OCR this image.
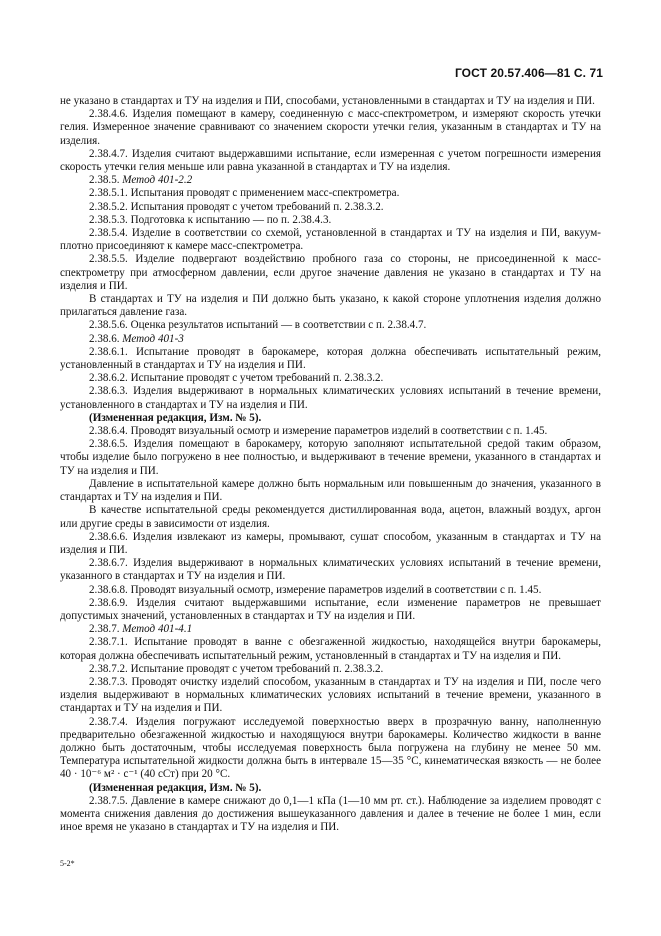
ГОСТ 20.57.406—81 С. 71

не указано в стандартах и ТУ на изделия и ПИ, способами, установленными в стандартах и ТУ на изделия и ПИ.

2.38.4.6. Изделия помещают в камеру, соединенную с масс-спектрометром, и измеряют скорость утечки гелия. Измеренное значение сравнивают со значением скорости утечки гелия, указанным в стандартах и ТУ на изделия.

2.38.4.7. Изделия считают выдержавшими испытание, если измеренная с учетом погрешности измерения скорость утечки гелия меньше или равна указанной в стандартах и ТУ на изделия.

2.38.5. Метод 401-2.2

2.38.5.1. Испытания проводят с применением масс-спектрометра.

2.38.5.2. Испытания проводят с учетом требований п. 2.38.3.2.

2.38.5.3. Подготовка к испытанию — по п. 2.38.4.3.

2.38.5.4. Изделие в соответствии со схемой, установленной в стандартах и ТУ на изделия и ПИ, вакуум-плотно присоединяют к камере масс-спектрометра.

2.38.5.5. Изделие подвергают воздействию пробного газа со стороны, не присоединенной к масс-спектрометру при атмосферном давлении, если другое значение давления не указано в стандартах и ТУ на изделия и ПИ.

В стандартах и ТУ на изделия и ПИ должно быть указано, к какой стороне уплотнения изделия должно прилагаться давление газа.

2.38.5.6. Оценка результатов испытаний — в соответствии с п. 2.38.4.7.

2.38.6. Метод 401-3

2.38.6.1. Испытание проводят в барокамере, которая должна обеспечивать испытательный режим, установленный в стандартах и ТУ на изделия и ПИ.

2.38.6.2. Испытание проводят с учетом требований п. 2.38.3.2.

2.38.6.3. Изделия выдерживают в нормальных климатических условиях испытаний в течение времени, установленного в стандартах и ТУ на изделия и ПИ.

(Измененная редакция, Изм. № 5).

2.38.6.4. Проводят визуальный осмотр и измерение параметров изделий в соответствии с п. 1.45.

2.38.6.5. Изделия помещают в барокамеру, которую заполняют испытательной средой таким образом, чтобы изделие было погружено в нее полностью, и выдерживают в течение времени, указанного в стандартах и ТУ на изделия и ПИ.

Давление в испытательной камере должно быть нормальным или повышенным до значения, указанного в стандартах и ТУ на изделия и ПИ.

В качестве испытательной среды рекомендуется дистиллированная вода, ацетон, влажный воздух, аргон или другие среды в зависимости от изделия.

2.38.6.6. Изделия извлекают из камеры, промывают, сушат способом, указанным в стандартах и ТУ на изделия и ПИ.

2.38.6.7. Изделия выдерживают в нормальных климатических условиях испытаний в течение времени, указанного в стандартах и ТУ на изделия и ПИ.

2.38.6.8. Проводят визуальный осмотр, измерение параметров изделий в соответствии с п. 1.45.

2.38.6.9. Изделия считают выдержавшими испытание, если изменение параметров не превышает допустимых значений, установленных в стандартах и ТУ на изделия и ПИ.

2.38.7. Метод 401-4.1

2.38.7.1. Испытание проводят в ванне с обезгаженной жидкостью, находящейся внутри барокамеры, которая должна обеспечивать испытательный режим, установленный в стандартах и ТУ на изделия и ПИ.

2.38.7.2. Испытание проводят с учетом требований п. 2.38.3.2.

2.38.7.3. Проводят очистку изделий способом, указанным в стандартах и ТУ на изделия и ПИ, после чего изделия выдерживают в нормальных климатических условиях испытаний в течение времени, указанного в стандартах и ТУ на изделия и ПИ.

2.38.7.4. Изделия погружают исследуемой поверхностью вверх в прозрачную ванну, наполненную предварительно обезгаженной жидкостью и находящуюся внутри барокамеры. Количество жидкости в ванне должно быть достаточным, чтобы исследуемая поверхность была погружена на глубину не менее 50 мм. Температура испытательной жидкости должна быть в интервале 15—35 °С, кинематическая вязкость — не более 40 · 10⁻⁶ м² · с⁻¹ (40 сСт) при 20 °С.

(Измененная редакция, Изм. № 5).

2.38.7.5. Давление в камере снижают до 0,1—1 кПа (1—10 мм рт. ст.). Наблюдение за изделием проводят с момента снижения давления до достижения вышеуказанного давления и далее в течение не более 1 мин, если иное время не указано в стандартах и ТУ на изделия и ПИ.

5-2*
